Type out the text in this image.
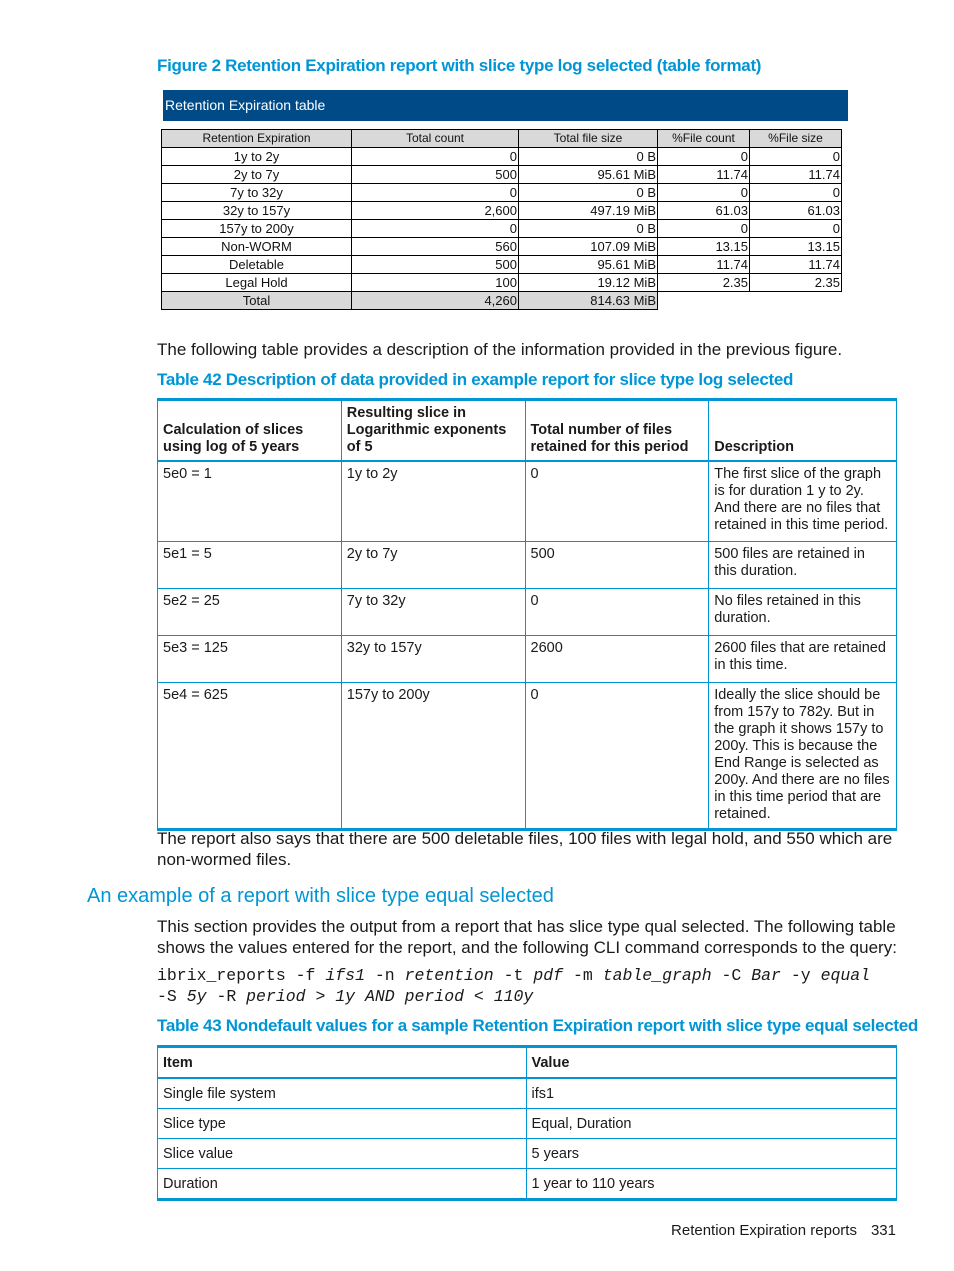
Figure 2 Retention Expiration report with slice type log selected (table format)
Retention Expiration table
Retention Expiration	Total count	Total file size	%File count	%File size
1y to 2y	0	0 B	0	0
2y to 7y	500	95.61 MiB	11.74	11.74
7y to 32y	0	0 B	0	0
32y to 157y	2,600	497.19 MiB	61.03	61.03
157y to 200y	0	0 B	0	0
Non-WORM	560	107.09 MiB	13.15	13.15
Deletable	500	95.61 MiB	11.74	11.74
Legal Hold	100	19.12 MiB	2.35	2.35
Total	4,260	814.63 MiB		
The following table provides a description of the information provided in the previous figure.
Table 42 Description of data provided in example report for slice type log selected
Calculation of slices using log of 5 years	Resulting slice in Logarithmic exponents of 5	Total number of files retained for this period	Description
5e0 = 1	1y to 2y	0	The first slice of the graph is for duration 1 y to 2y. And there are no files that retained in this time period.
5e1 = 5	2y to 7y	500	500 files are retained in this duration.
5e2 = 25	7y to 32y	0	No files retained in this duration.
5e3 = 125	32y to 157y	2600	2600 files that are retained in this time.
5e4 = 625	157y to 200y	0	Ideally the slice should be from 157y to 782y. But in the graph it shows 157y to 200y. This is because the End Range is selected as 200y. And there are no files in this time period that are retained.
The report also says that there are 500 deletable files, 100 files with legal hold, and 550 which are non-wormed files.
An example of a report with slice type equal selected
This section provides the output from a report that has slice type qual selected. The following table shows the values entered for the report, and the following CLI command corresponds to the query:
ibrix_reports -f ifs1 -n retention -t pdf -m table_graph -C Bar -y equal
-S 5y -R period > 1y AND period < 110y
Table 43 Nondefault values for a sample Retention Expiration report with slice type equal selected
Item	Value
Single file system	ifs1
Slice type	Equal, Duration
Slice value	5 years
Duration	1 year to 110 years
Retention Expiration reports 331
